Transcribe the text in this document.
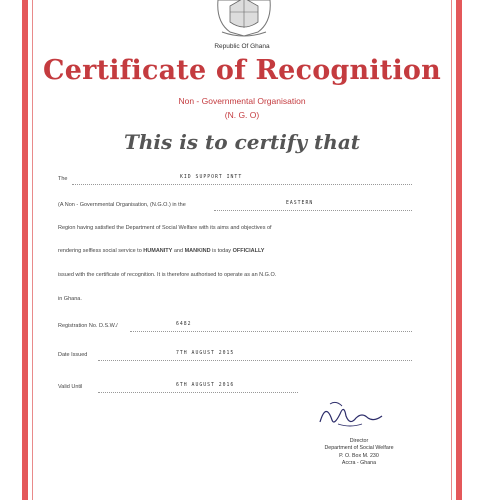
Republic Of Ghana
Certificate of Recognition
Non - Governmental Organisation
(N. G. O)
This is to certify that
The	KID SUPPORT INTT
(A Non - Governmental Organisation, (N.G.O.) in the	EASTERN
Region having satisfied the Department of Social Welfare with its aims and objectives of
rendering selfless social service to HUMANITY and MANKIND is today OFFICIALLY
issued with the certificate of recognition. It is therefore authorised to operate as an N.G.O.
in Ghana.
Registration No. D.S.W./	6482
Date Issued	7TH AUGUST 2015
Valid Until	6TH AUGUST 2016
Director
Department of Social Welfare
P. O. Box M. 230
Accra - Ghana
